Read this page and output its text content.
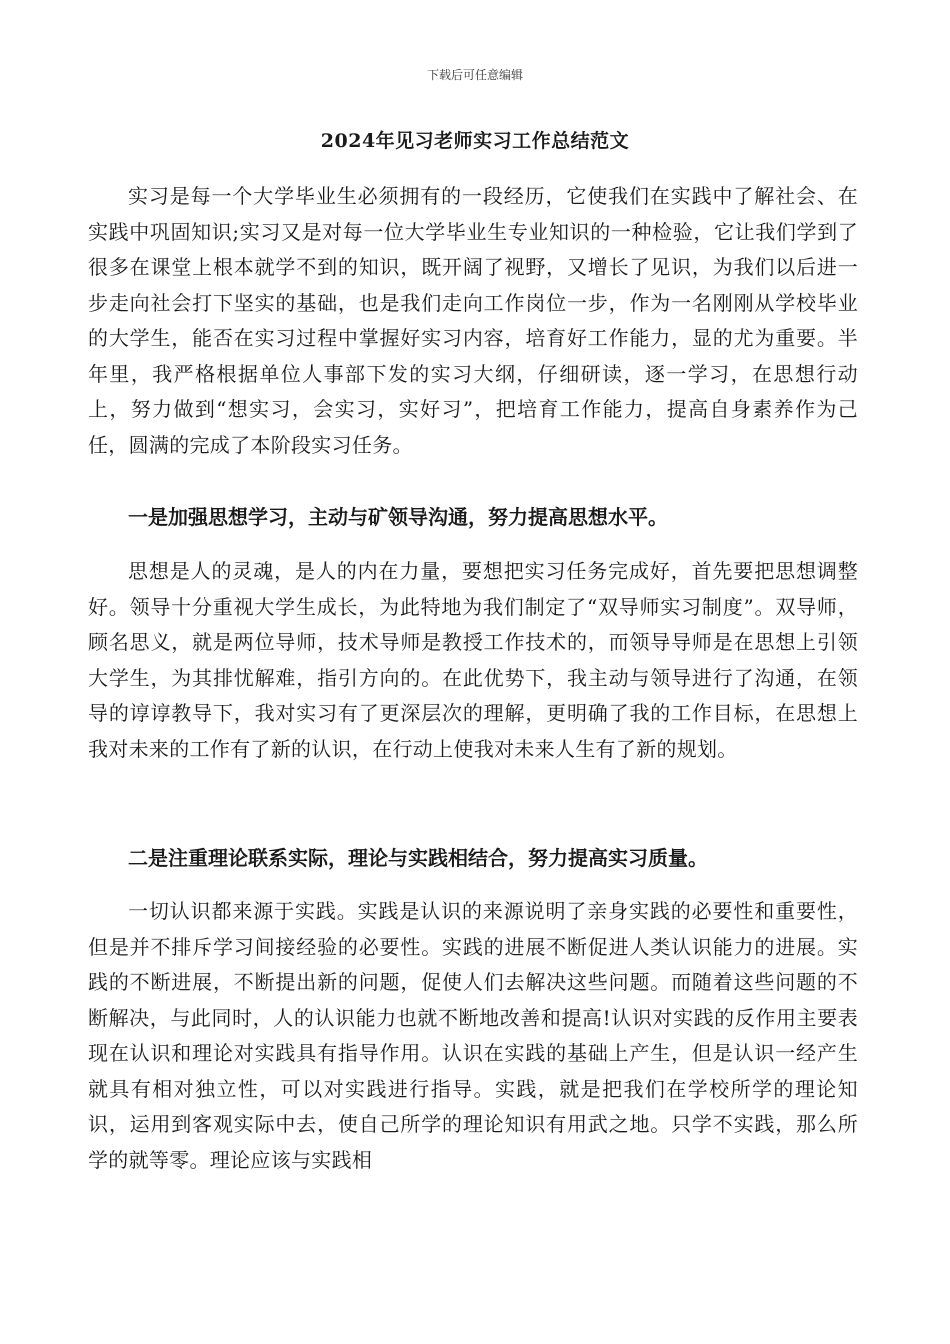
下载后可任意编辑
2024年见习老师实习工作总结范文

实习是每一个大学毕业生必须拥有的一段经历，它使我们在实践中了解社会、在实践中巩固知识;实习又是对每一位大学毕业生专业知识的一种检验，它让我们学到了很多在课堂上根本就学不到的知识，既开阔了视野，又增长了见识，为我们以后进一步走向社会打下坚实的基础，也是我们走向工作岗位一步，作为一名刚刚从学校毕业的大学生，能否在实习过程中掌握好实习内容，培育好工作能力，显的尤为重要。半年里，我严格根据单位人事部下发的实习大纲，仔细研读，逐一学习，在思想行动上，努力做到“想实习，会实习，实好习”，把培育工作能力，提高自身素养作为己任，圆满的完成了本阶段实习任务。

一是加强思想学习，主动与矿领导沟通，努力提高思想水平。

思想是人的灵魂，是人的内在力量，要想把实习任务完成好，首先要把思想调整好。领导十分重视大学生成长，为此特地为我们制定了“双导师实习制度”。双导师，顾名思义，就是两位导师，技术导师是教授工作技术的，而领导导师是在思想上引领大学生，为其排忧解难，指引方向的。在此优势下，我主动与领导进行了沟通，在领导的谆谆教导下，我对实习有了更深层次的理解，更明确了我的工作目标，在思想上我对未来的工作有了新的认识，在行动上使我对未来人生有了新的规划。

二是注重理论联系实际，理论与实践相结合，努力提高实习质量。

一切认识都来源于实践。实践是认识的来源说明了亲身实践的必要性和重要性，但是并不排斥学习间接经验的必要性。实践的进展不断促进人类认识能力的进展。实践的不断进展，不断提出新的问题，促使人们去解决这些问题。而随着这些问题的不断解决，与此同时，人的认识能力也就不断地改善和提高!认识对实践的反作用主要表现在认识和理论对实践具有指导作用。认识在实践的基础上产生，但是认识一经产生就具有相对独立性，可以对实践进行指导。实践，就是把我们在学校所学的理论知识，运用到客观实际中去，使自己所学的理论知识有用武之地。只学不实践，那么所学的就等零。理论应该与实践相
